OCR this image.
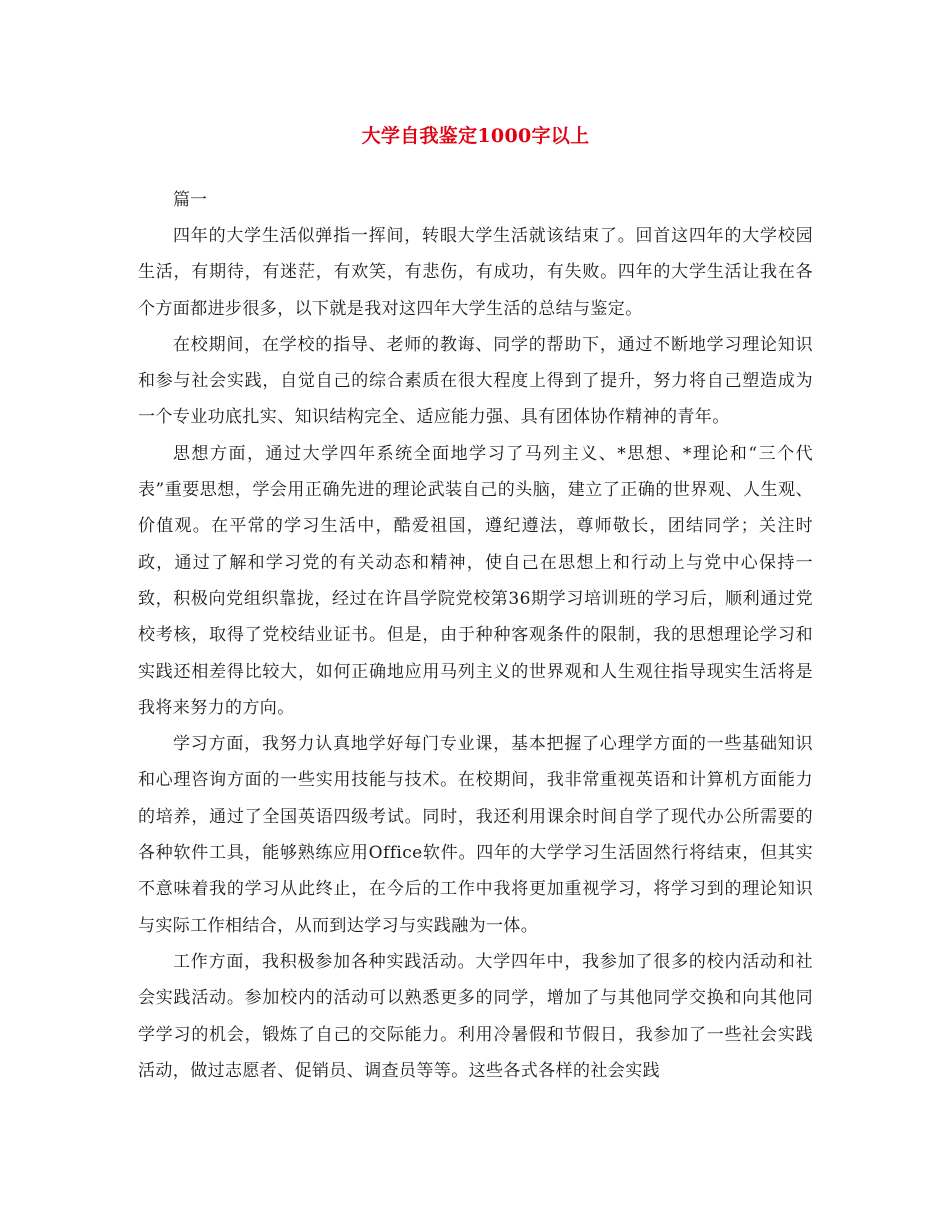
大学自我鉴定1000字以上

篇一

四年的大学生活似弹指一挥间，转眼大学生活就该结束了。回首这四年的大学校园生活，有期待，有迷茫，有欢笑，有悲伤，有成功，有失败。四年的大学生活让我在各个方面都进步很多，以下就是我对这四年大学生活的总结与鉴定。

在校期间，在学校的指导、老师的教诲、同学的帮助下，通过不断地学习理论知识和参与社会实践，自觉自己的综合素质在很大程度上得到了提升，努力将自己塑造成为一个专业功底扎实、知识结构完全、适应能力强、具有团体协作精神的青年。

思想方面，通过大学四年系统全面地学习了马列主义、*思想、*理论和“三个代表”重要思想，学会用正确先进的理论武装自己的头脑，建立了正确的世界观、人生观、价值观。在平常的学习生活中，酷爱祖国，遵纪遵法，尊师敬长，团结同学；关注时政，通过了解和学习党的有关动态和精神，使自己在思想上和行动上与党中心保持一致，积极向党组织靠拢，经过在许昌学院党校第36期学习培训班的学习后，顺利通过党校考核，取得了党校结业证书。但是，由于种种客观条件的限制，我的思想理论学习和实践还相差得比较大，如何正确地应用马列主义的世界观和人生观往指导现实生活将是我将来努力的方向。

学习方面，我努力认真地学好每门专业课，基本把握了心理学方面的一些基础知识和心理咨询方面的一些实用技能与技术。在校期间，我非常重视英语和计算机方面能力的培养，通过了全国英语四级考试。同时，我还利用课余时间自学了现代办公所需要的各种软件工具，能够熟练应用Office软件。四年的大学学习生活固然行将结束，但其实不意味着我的学习从此终止，在今后的工作中我将更加重视学习，将学习到的理论知识与实际工作相结合，从而到达学习与实践融为一体。

工作方面，我积极参加各种实践活动。大学四年中，我参加了很多的校内活动和社会实践活动。参加校内的活动可以熟悉更多的同学，增加了与其他同学交换和向其他同学学习的机会，锻炼了自己的交际能力。利用冷暑假和节假日，我参加了一些社会实践活动，做过志愿者、促销员、调查员等等。这些各式各样的社会实践
